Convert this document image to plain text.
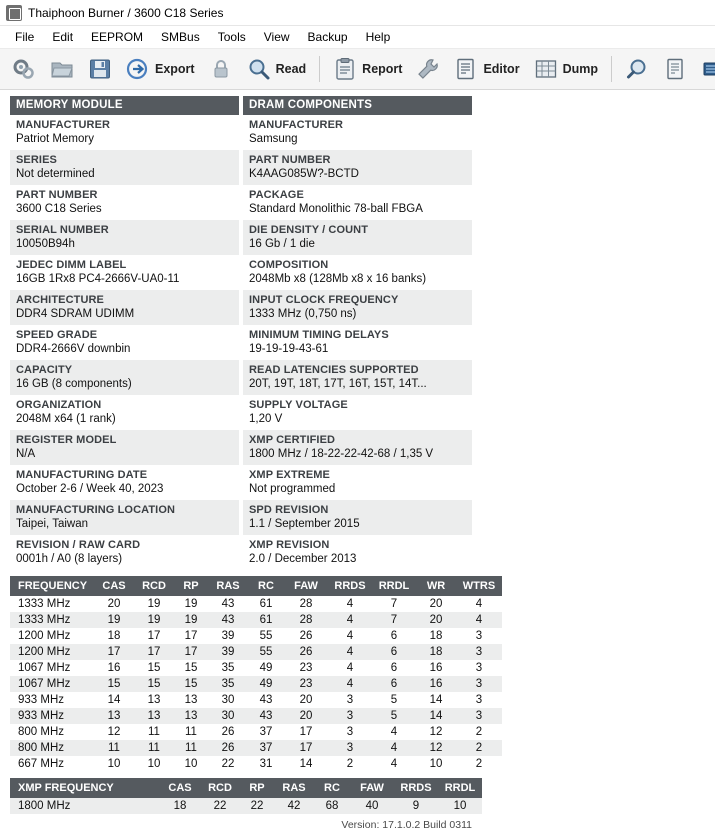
Thaiphoon Burner / 3600 C18 Series
File	Edit	EEPROM	SMBus	Tools	View	Backup	Help
Export	Read	Report	Editor	Dump
MEMORY MODULE
MANUFACTURER
Patriot Memory
SERIES
Not determined
PART NUMBER
3600 C18 Series
SERIAL NUMBER
10050B94h
JEDEC DIMM LABEL
16GB 1Rx8 PC4-2666V-UA0-11
ARCHITECTURE
DDR4 SDRAM UDIMM
SPEED GRADE
DDR4-2666V downbin
CAPACITY
16 GB (8 components)
ORGANIZATION
2048M x64 (1 rank)
REGISTER MODEL
N/A
MANUFACTURING DATE
October 2-6 / Week 40, 2023
MANUFACTURING LOCATION
Taipei, Taiwan
REVISION / RAW CARD
0001h / A0 (8 layers)
DRAM COMPONENTS
MANUFACTURER
Samsung
PART NUMBER
K4AAG085W?-BCTD
PACKAGE
Standard Monolithic 78-ball FBGA
DIE DENSITY / COUNT
16 Gb / 1 die
COMPOSITION
2048Mb x8 (128Mb x8 x 16 banks)
INPUT CLOCK FREQUENCY
1333 MHz (0,750 ns)
MINIMUM TIMING DELAYS
19-19-19-43-61
READ LATENCIES SUPPORTED
20T, 19T, 18T, 17T, 16T, 15T, 14T...
SUPPLY VOLTAGE
1,20 V
XMP CERTIFIED
1800 MHz / 18-22-22-42-68 / 1,35 V
XMP EXTREME
Not programmed
SPD REVISION
1.1 / September 2015
XMP REVISION
2.0 / December 2013
FREQUENCY	CAS	RCD	RP	RAS	RC	FAW	RRDS	RRDL	WR	WTRS
1333 MHz	20	19	19	43	61	28	4	7	20	4
1333 MHz	19	19	19	43	61	28	4	7	20	4
1200 MHz	18	17	17	39	55	26	4	6	18	3
1200 MHz	17	17	17	39	55	26	4	6	18	3
1067 MHz	16	15	15	35	49	23	4	6	16	3
1067 MHz	15	15	15	35	49	23	4	6	16	3
933 MHz	14	13	13	30	43	20	3	5	14	3
933 MHz	13	13	13	30	43	20	3	5	14	3
800 MHz	12	11	11	26	37	17	3	4	12	2
800 MHz	11	11	11	26	37	17	3	4	12	2
667 MHz	10	10	10	22	31	14	2	4	10	2
XMP FREQUENCY	CAS	RCD	RP	RAS	RC	FAW	RRDS	RRDL
1800 MHz	18	22	22	42	68	40	9	10
Version: 17.1.0.2 Build 0311
